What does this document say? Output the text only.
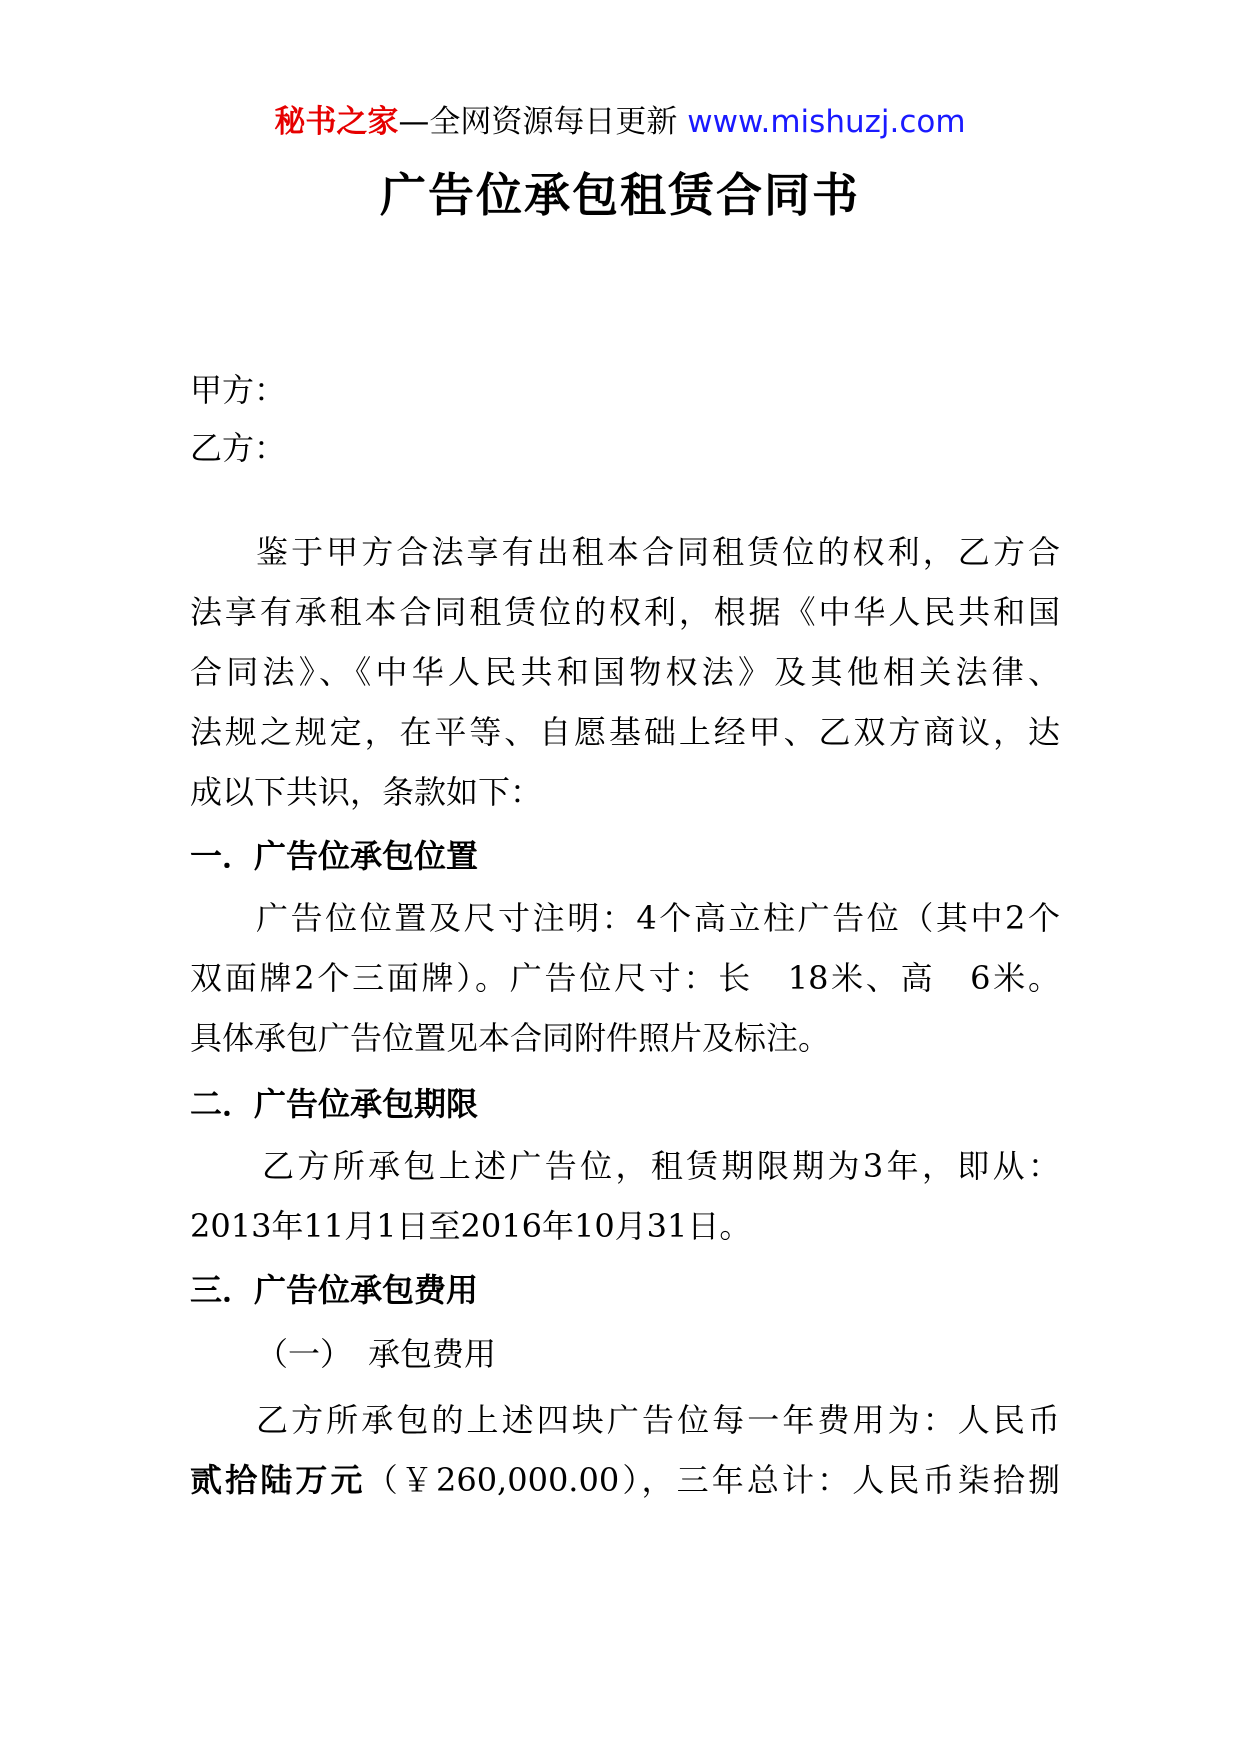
秘书之家—全网资源每日更新 www.mishuzj.com
广告位承包租赁合同书
甲方：
乙方：
鉴于甲方合法享有出租本合同租赁位的权利，乙方合
法享有承租本合同租赁位的权利，根据《中华人民共和国
合同法》、《中华人民共和国物权法》及其他相关法律、
法规之规定，在平等、自愿基础上经甲、乙双方商议，达
成以下共识，条款如下：
一．广告位承包位置
广告位位置及尺寸注明：4个高立柱广告位（其中2个
双面牌2个三面牌）。广告位尺寸：长　18米、高　6米。
具体承包广告位置见本合同附件照片及标注。
二．广告位承包期限
乙方所承包上述广告位，租赁期限期为3年，即从：
2013年11月1日至2016年10月31日。
三．广告位承包费用
（一）　承包费用
乙方所承包的上述四块广告位每一年费用为：人民币
贰拾陆万元（￥260,000.00），三年总计：人民币柒拾捌
